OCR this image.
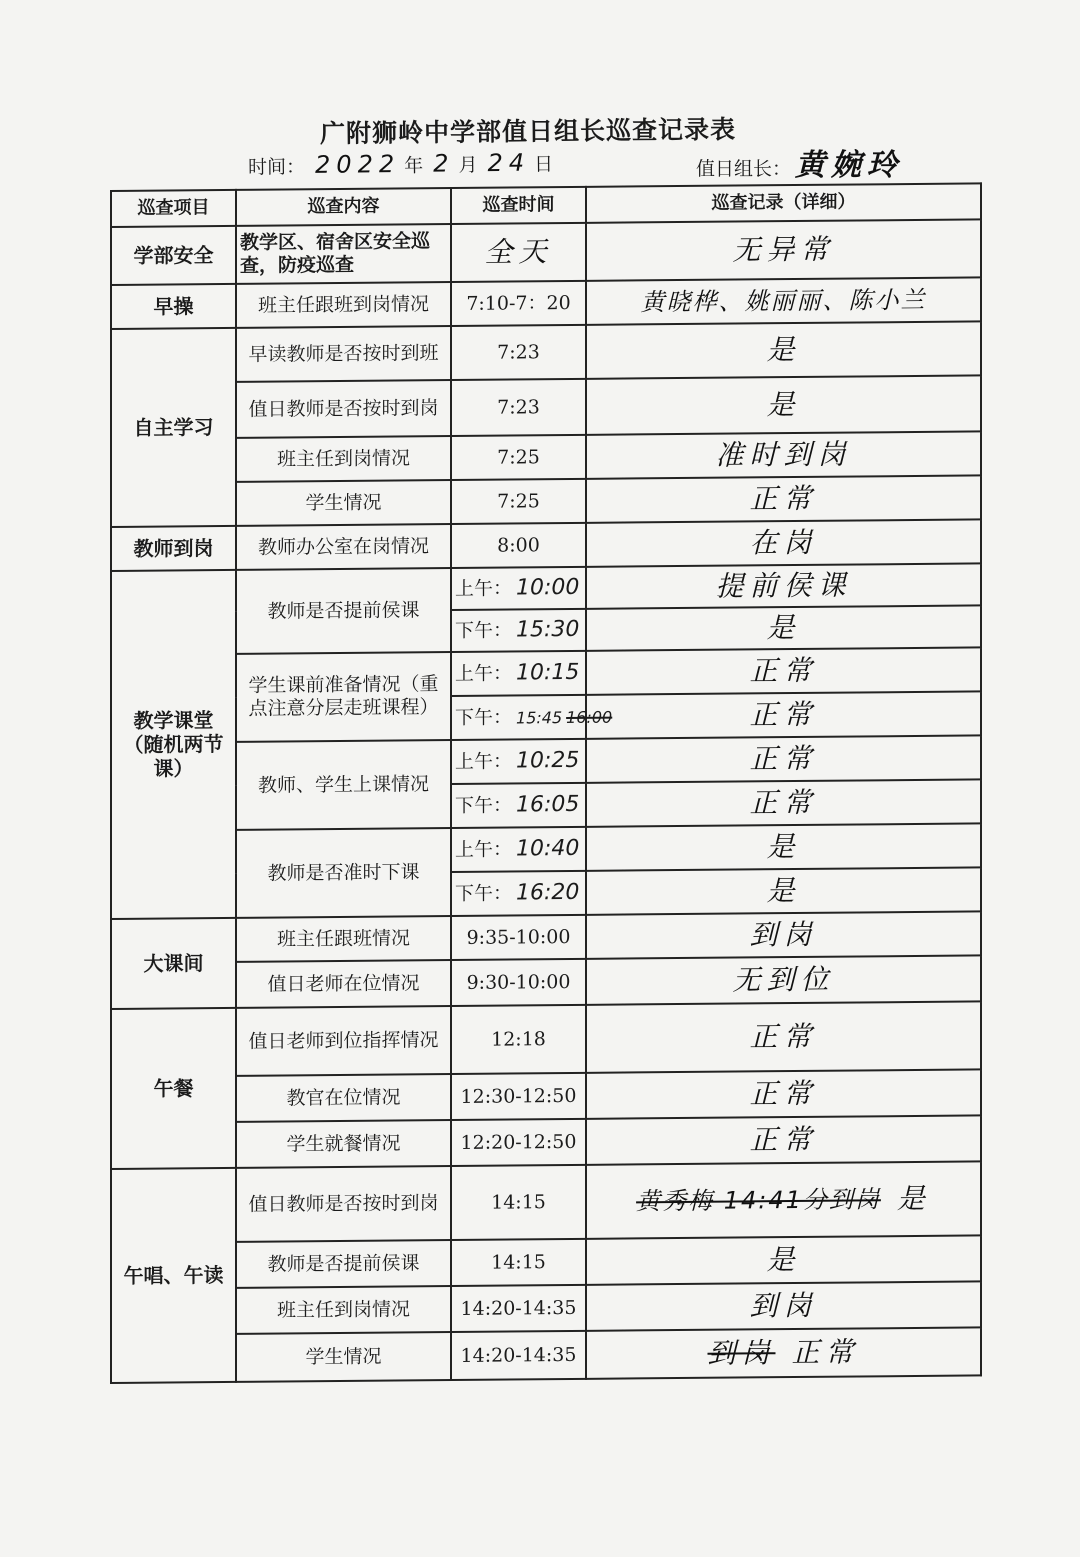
广附狮岭中学部值日组长巡查记录表
时间： 2022 年 2 月 24 日	值日组长： 黄婉玲
巡查项目	巡查内容	巡查时间	巡查记录（详细）
学部安全	教学区、宿舍区安全巡查，防疫巡查	全天	无异常
早操	班主任跟班到岗情况	7:10-7：20	黄晓桦、姚丽丽、陈小兰
自主学习	早读教师是否按时到班	7:23	是
	值日教师是否按时到岗	7:23	是
	班主任到岗情况	7:25	准时到岗
	学生情况	7:25	正常
教师到岗	教师办公室在岗情况	8:00	在岗
教学课堂（随机两节课）	教师是否提前侯课	上午： 10:00	提前侯课
		下午： 15:30	是
	学生课前准备情况（重点注意分层走班课程）	上午： 10:15	正常
		下午： 15:45 16:00	正常
	教师、学生上课情况	上午： 10:25	正常
		下午： 16:05	正常
	教师是否准时下课	上午： 10:40	是
		下午： 16:20	是
大课间	班主任跟班情况	9:35-10:00	到岗
	值日老师在位情况	9:30-10:00	无到位
午餐	值日老师到位指挥情况	12:18	正常
	教官在位情况	12:30-12:50	正常
	学生就餐情况	12:20-12:50	正常
午唱、午读	值日教师是否按时到岗	14:15	黄秀梅 14:41分到岗 是

	教师是否提前侯课	14:15	是
	班主任到岗情况	14:20-14:35	到岗
	学生情况	14:20-14:35	到岗 正常
